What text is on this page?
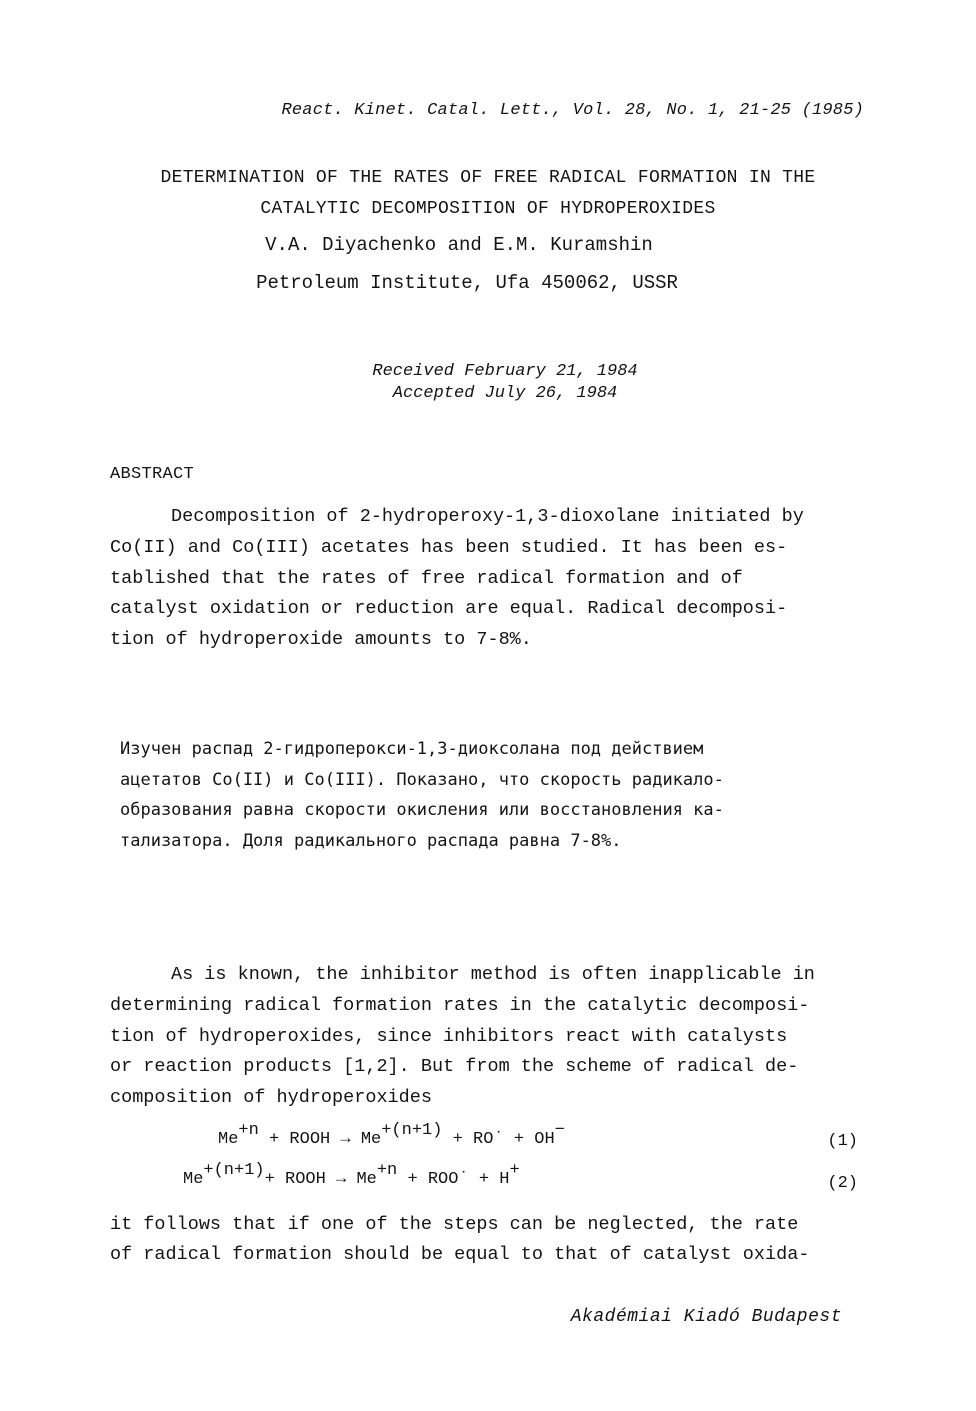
React. Kinet. Catal. Lett., Vol. 28, No. 1, 21-25 (1985)
DETERMINATION OF THE RATES OF FREE RADICAL FORMATION IN THE
CATALYTIC DECOMPOSITION OF HYDROPEROXIDES
V.A. Diyachenko and E.M. Kuramshin
Petroleum Institute, Ufa 450062, USSR
Received February 21, 1984
Accepted July 26, 1984
ABSTRACT
Decomposition of 2-hydroperoxy-1,3-dioxolane initiated by
Co(II) and Co(III) acetates has been studied. It has been es-
tablished that the rates of free radical formation and of
catalyst oxidation or reduction are equal. Radical decomposi-
tion of hydroperoxide amounts to 7-8%.
Изучен распад 2-гидроперокси-1,3-диоксолана под действием
ацетатов Co(II) и Co(III). Показано, что скорость радикало-
образования равна скорости окисления или восстановления ка-
тализатора. Доля радикального распада равна 7-8%.
As is known, the inhibitor method is often inapplicable in
determining radical formation rates in the catalytic decomposi-
tion of hydroperoxides, since inhibitors react with catalysts
or reaction products [1,2]. But from the scheme of radical de-
composition of hydroperoxides
$Me^{+n}$ + ROOH → $Me^{+(n+1)}$ + RO˙ + OH−
(1)
$Me^{+(n+1)}+$ ROOH → $Me^{+n}$ + ROO˙ + H+
(2)
it follows that if one of the steps can be neglected, the rate
of radical formation should be equal to that of catalyst oxida-
Akadémiai Kiadó Budapest
